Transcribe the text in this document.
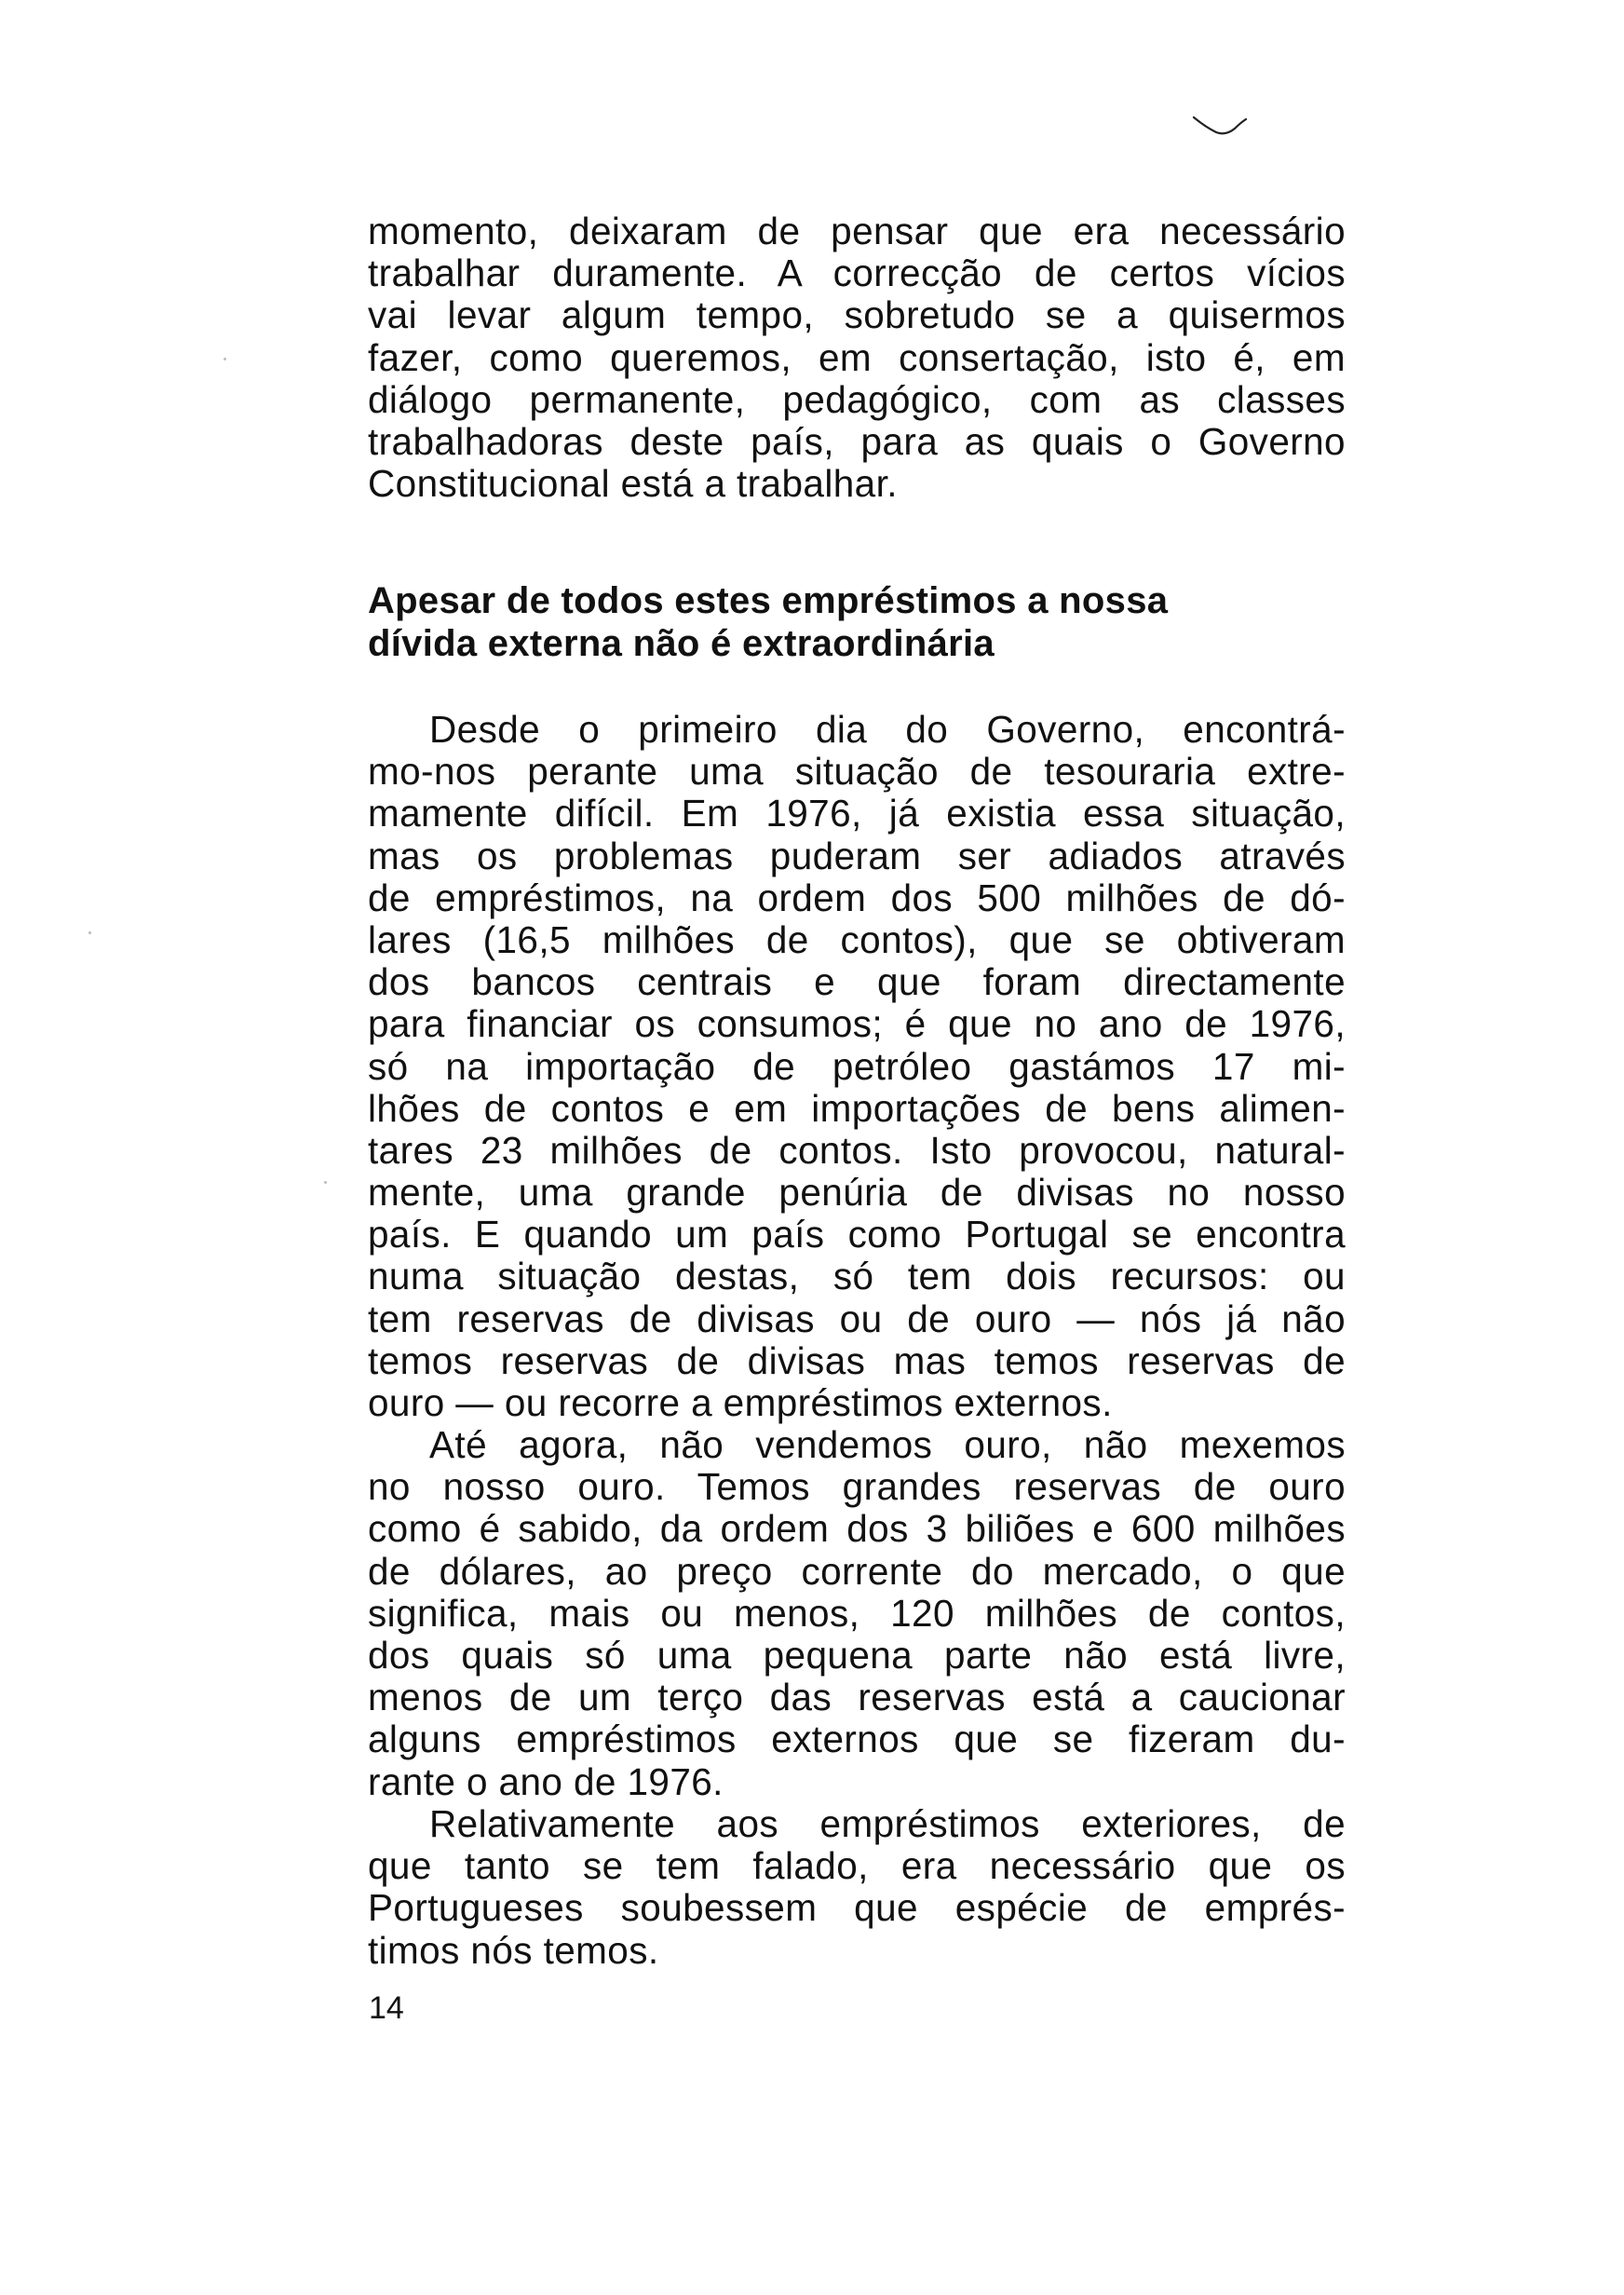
momento, deixaram de pensar que era necessário
trabalhar duramente. A correcção de certos vícios
vai levar algum tempo, sobretudo se a quisermos
fazer, como queremos, em consertação, isto é, em
diálogo permanente, pedagógico, com as classes
trabalhadoras deste país, para as quais o Governo
Constitucional está a trabalhar.
Apesar de todos estes empréstimos a nossa
dívida externa não é extraordinária
Desde o primeiro dia do Governo, encontrá-
mo-nos perante uma situação de tesouraria extre-
mamente difícil. Em 1976, já existia essa situação,
mas os problemas puderam ser adiados através
de empréstimos, na ordem dos 500 milhões de dó-
lares (16,5 milhões de contos), que se obtiveram
dos bancos centrais e que foram directamente
para financiar os consumos; é que no ano de 1976,
só na importação de petróleo gastámos 17 mi-
lhões de contos e em importações de bens alimen-
tares 23 milhões de contos. Isto provocou, natural-
mente, uma grande penúria de divisas no nosso
país. E quando um país como Portugal se encontra
numa situação destas, só tem dois recursos: ou
tem reservas de divisas ou de ouro — nós já não
temos reservas de divisas mas temos reservas de
ouro — ou recorre a empréstimos externos.
Até agora, não vendemos ouro, não mexemos
no nosso ouro. Temos grandes reservas de ouro
como é sabido, da ordem dos 3 biliões e 600 milhões
de dólares, ao preço corrente do mercado, o que
significa, mais ou menos, 120 milhões de contos,
dos quais só uma pequena parte não está livre,
menos de um terço das reservas está a caucionar
alguns empréstimos externos que se fizeram du-
rante o ano de 1976.
Relativamente aos empréstimos exteriores, de
que tanto se tem falado, era necessário que os
Portugueses soubessem que espécie de emprés-
timos nós temos.

14
